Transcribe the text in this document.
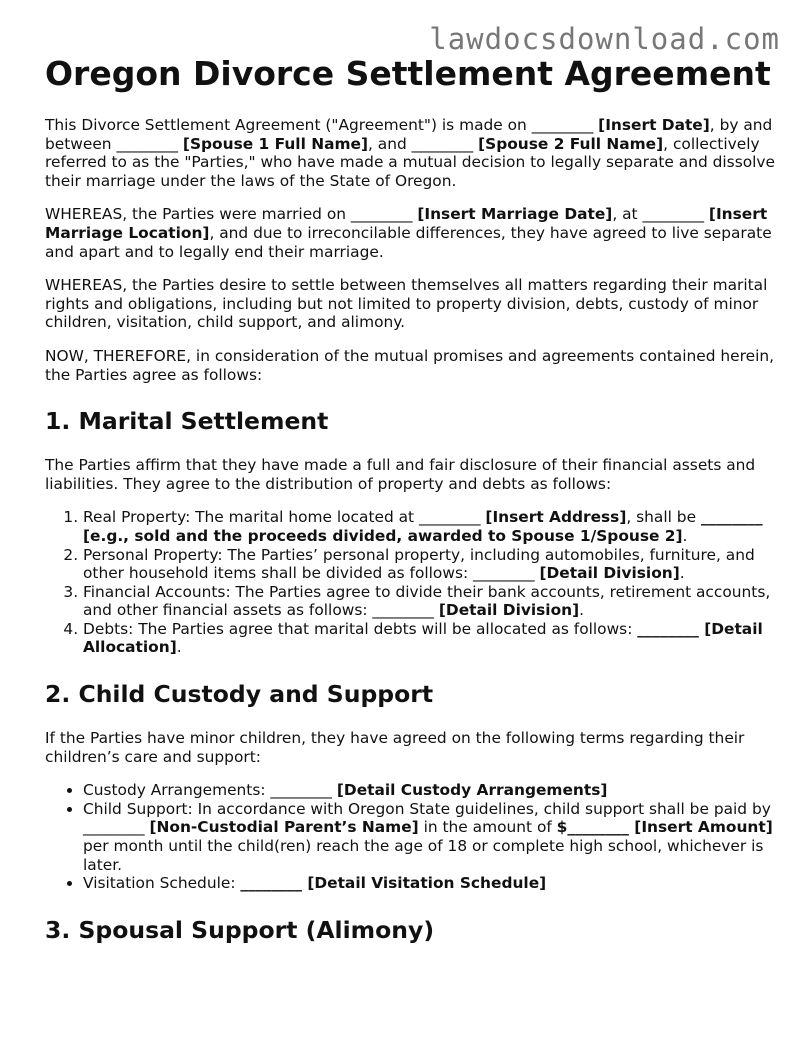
lawdocsdownload.com
Oregon Divorce Settlement Agreement

This Divorce Settlement Agreement ("Agreement") is made on ________ [Insert Date], by and between ________ [Spouse 1 Full Name], and ________ [Spouse 2 Full Name], collectively referred to as the "Parties," who have made a mutual decision to legally separate and dissolve their marriage under the laws of the State of Oregon.

WHEREAS, the Parties were married on ________ [Insert Marriage Date], at ________ [Insert Marriage Location], and due to irreconcilable differences, they have agreed to live separate and apart and to legally end their marriage.

WHEREAS, the Parties desire to settle between themselves all matters regarding their marital rights and obligations, including but not limited to property division, debts, custody of minor children, visitation, child support, and alimony.

NOW, THEREFORE, in consideration of the mutual promises and agreements contained herein, the Parties agree as follows:

1. Marital Settlement

The Parties affirm that they have made a full and fair disclosure of their financial assets and liabilities. They agree to the distribution of property and debts as follows:

1. Real Property: The marital home located at ________ [Insert Address], shall be ________ [e.g., sold and the proceeds divided, awarded to Spouse 1/Spouse 2].
2. Personal Property: The Parties’ personal property, including automobiles, furniture, and other household items shall be divided as follows: ________ [Detail Division].
3. Financial Accounts: The Parties agree to divide their bank accounts, retirement accounts, and other financial assets as follows: ________ [Detail Division].
4. Debts: The Parties agree that marital debts will be allocated as follows: ________ [Detail Allocation].
2. Child Custody and Support

If the Parties have minor children, they have agreed on the following terms regarding their children’s care and support:

• Custody Arrangements: ________ [Detail Custody Arrangements]
• Child Support: In accordance with Oregon State guidelines, child support shall be paid by ________ [Non-Custodial Parent’s Name] in the amount of $________ [Insert Amount] per month until the child(ren) reach the age of 18 or complete high school, whichever is later.
• Visitation Schedule: ________ [Detail Visitation Schedule]
3. Spousal Support (Alimony)
